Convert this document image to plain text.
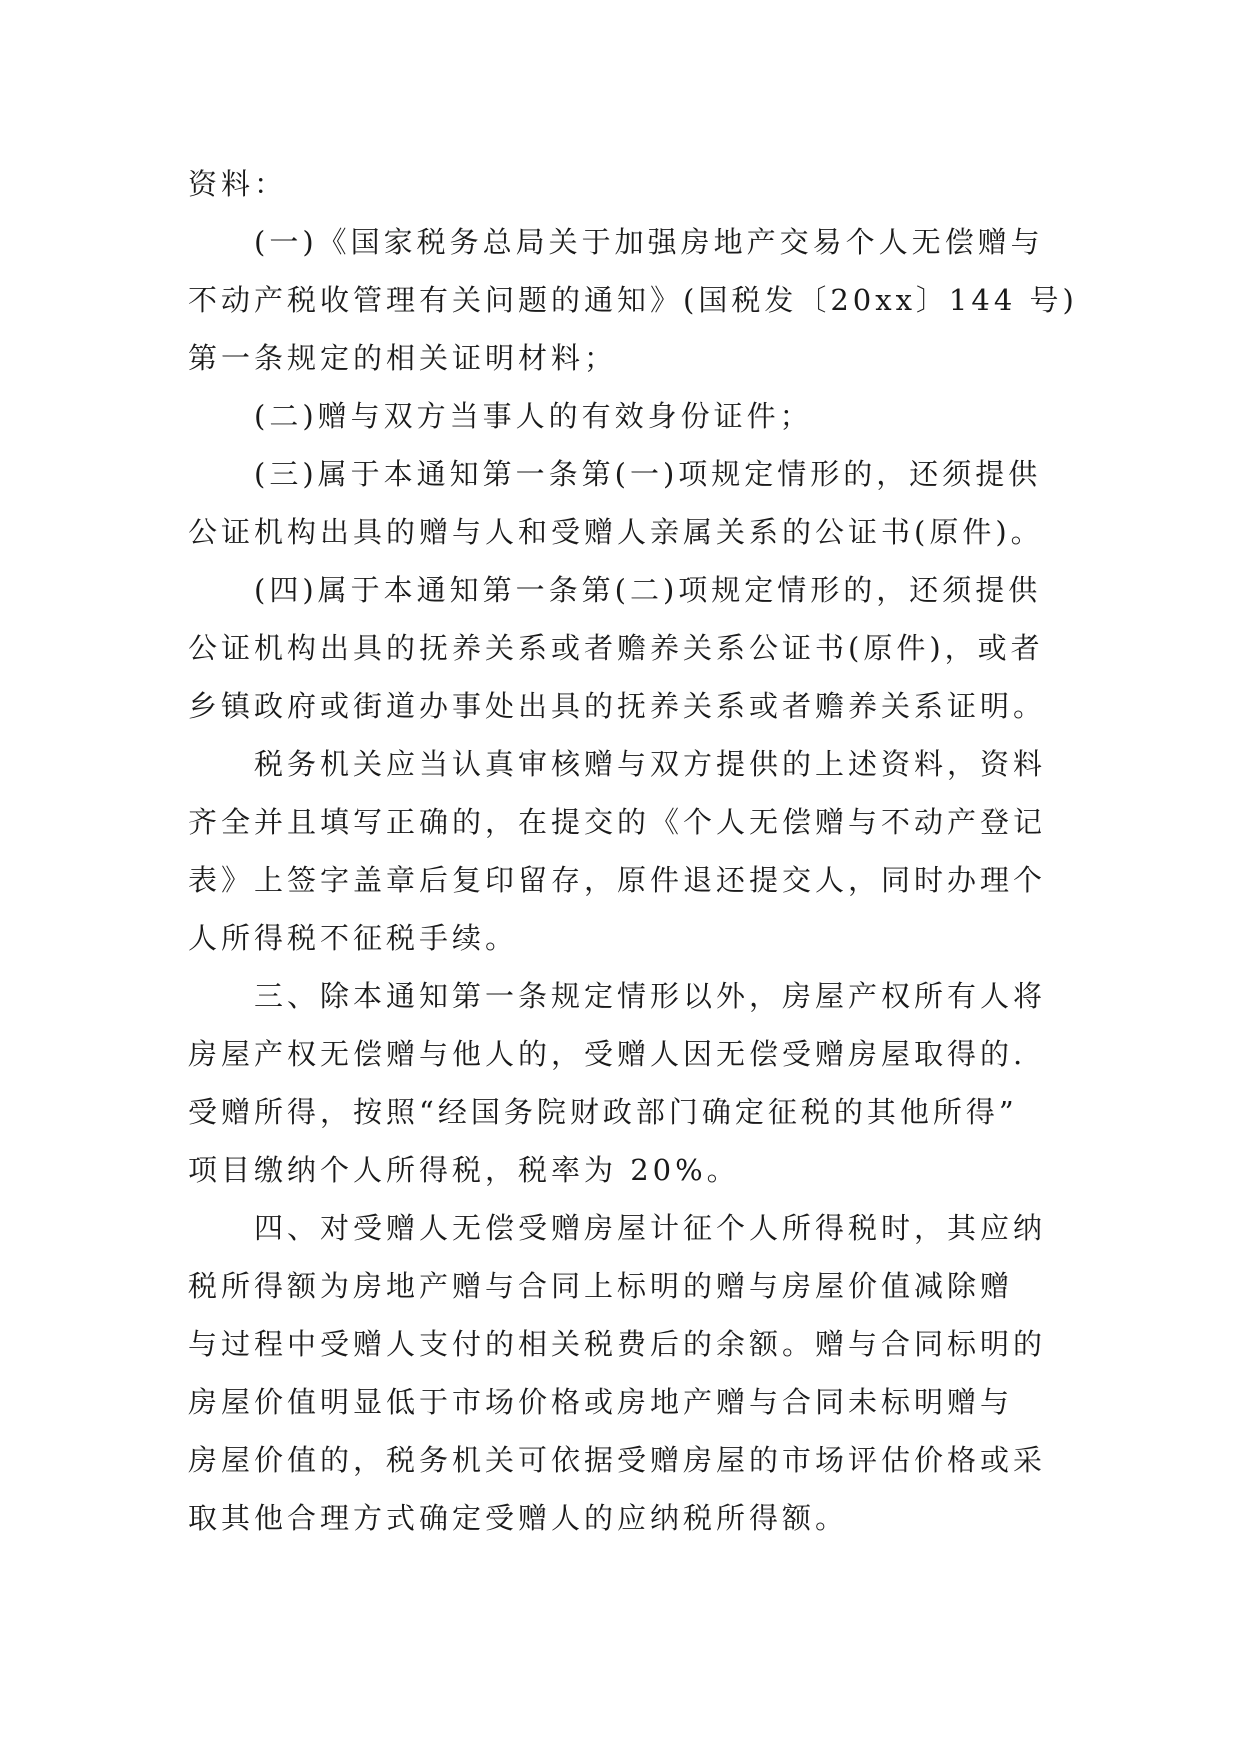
资料：
(一)《国家税务总局关于加强房地产交易个人无偿赠与
不动产税收管理有关问题的通知》(国税发〔20xx〕144 号)
第一条规定的相关证明材料；
(二)赠与双方当事人的有效身份证件；
(三)属于本通知第一条第(一)项规定情形的，还须提供
公证机构出具的赠与人和受赠人亲属关系的公证书(原件)。
(四)属于本通知第一条第(二)项规定情形的，还须提供
公证机构出具的抚养关系或者赡养关系公证书(原件)，或者
乡镇政府或街道办事处出具的抚养关系或者赡养关系证明。
税务机关应当认真审核赠与双方提供的上述资料，资料
齐全并且填写正确的，在提交的《个人无偿赠与不动产登记
表》上签字盖章后复印留存，原件退还提交人，同时办理个
人所得税不征税手续。
三、除本通知第一条规定情形以外，房屋产权所有人将
房屋产权无偿赠与他人的，受赠人因无偿受赠房屋取得的.
受赠所得，按照“经国务院财政部门确定征税的其他所得”
项目缴纳个人所得税，税率为 20%。
四、对受赠人无偿受赠房屋计征个人所得税时，其应纳
税所得额为房地产赠与合同上标明的赠与房屋价值减除赠
与过程中受赠人支付的相关税费后的余额。赠与合同标明的
房屋价值明显低于市场价格或房地产赠与合同未标明赠与
房屋价值的，税务机关可依据受赠房屋的市场评估价格或采
取其他合理方式确定受赠人的应纳税所得额。
